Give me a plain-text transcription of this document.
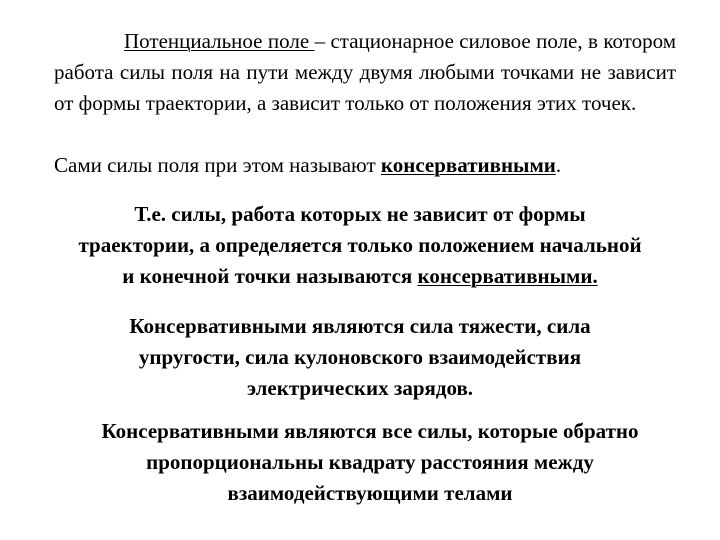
Потенциальное поле – стационарное силовое поле, в котором работа силы поля на пути между двумя любыми точками не зависит от формы траектории, а зависит только от положения этих точек.

Сами силы поля при этом называют консервативными.

Т.е. силы, работа которых не зависит от формы
траектории, а определяется только положением начальной
и конечной точки называются консервативными.

Консервативными являются сила тяжести, сила
упругости, сила кулоновского взаимодействия
электрических зарядов.

Консервативными являются все силы, которые обратно
пропорциональны квадрату расстояния между
взаимодействующими телами
